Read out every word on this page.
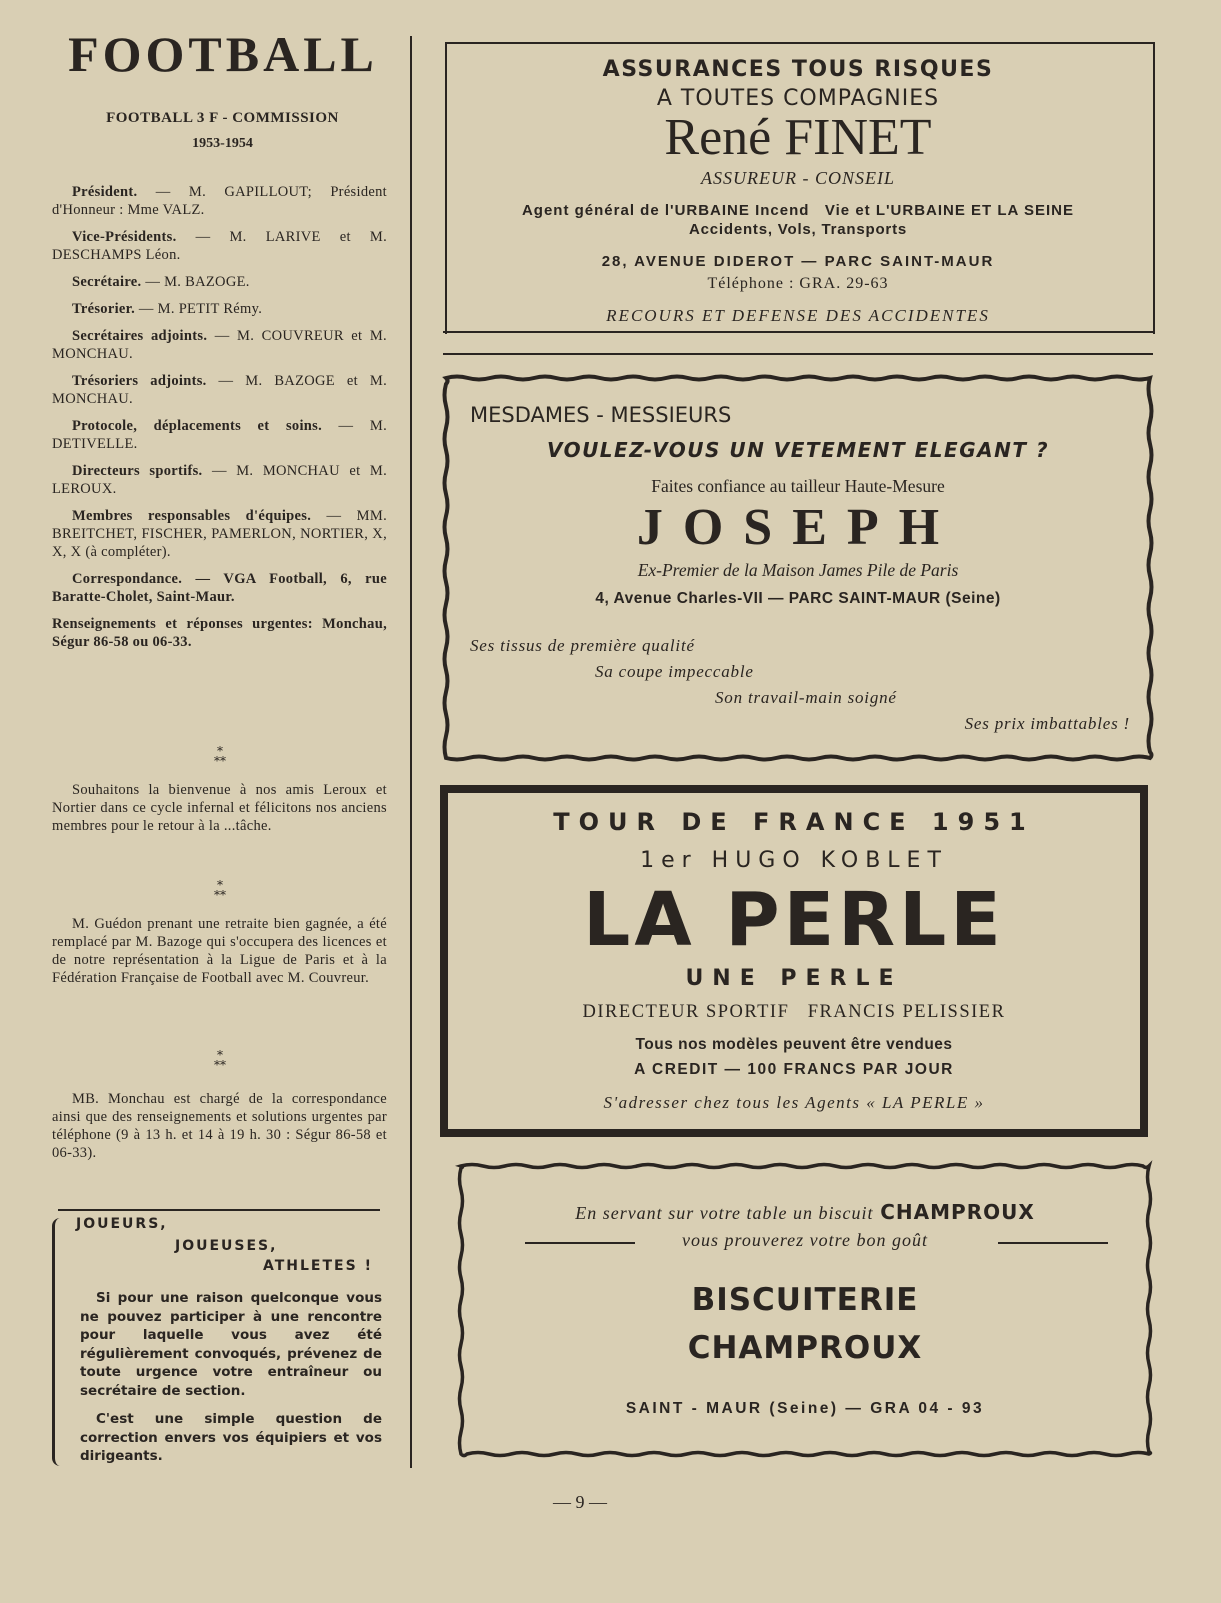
FOOTBALL
FOOTBALL 3 F - COMMISSION
1953-1954

Président. — M. GAPILLOUT; Président d'Honneur : Mme VALZ.

Vice-Présidents. — M. LARIVE et M. DESCHAMPS Léon.

Secrétaire. — M. BAZOGE.

Trésorier. — M. PETIT Rémy.

Secrétaires adjoints. — M. COUVREUR et M. MONCHAU.

Trésoriers adjoints. — M. BAZOGE et M. MONCHAU.

Protocole, déplacements et soins. — M. DETIVELLE.

Directeurs sportifs. — M. MONCHAU et M. LEROUX.

Membres responsables d'équipes. — MM. BREITCHET, FISCHER, PAMERLON, NORTIER, X, X, X (à compléter).

Correspondance. — VGA Football, 6, rue Baratte-Cholet, Saint-Maur.

Renseignements et réponses urgentes: Monchau, Ségur 86-58 ou 06-33.

*
**
Souhaitons la bienvenue à nos amis Leroux et Nortier dans ce cycle infernal et félicitons nos anciens membres pour le retour à la ...tâche.
*
**
M. Guédon prenant une retraite bien gagnée, a été remplacé par M. Bazoge qui s'occupera des licences et de notre représentation à la Ligue de Paris et à la Fédération Française de Football avec M. Couvreur.
*
**
MB. Monchau est chargé de la correspondance ainsi que des renseignements et solutions urgentes par téléphone (9 à 13 h. et 14 à 19 h. 30 : Ségur 86-58 et 06-33).
JOUEURS,
JOUEUSES,
ATHLETES !
Si pour une raison quelconque vous ne pouvez participer à une rencontre pour laquelle vous avez été régulièrement convoqués, prévenez de toute urgence votre entraîneur ou secrétaire de section.
C'est une simple question de correction envers vos équipiers et vos dirigeants.
ASSURANCES TOUS RISQUES
A TOUTES COMPAGNIES
René FINET
ASSUREUR - CONSEIL
Agent général de l'URBAINE Incend   Vie et L'URBAINE ET LA SEINE
Accidents, Vols, Transports
28, AVENUE DIDEROT — PARC SAINT-MAUR
Téléphone : GRA. 29-63
RECOURS ET DEFENSE DES ACCIDENTES
MESDAMES - MESSIEURS
VOULEZ-VOUS UN VETEMENT ELEGANT ?
Faites confiance au tailleur Haute-Mesure
JOSEPH
Ex-Premier de la Maison James Pile de Paris
4, Avenue Charles-VII — PARC SAINT-MAUR (Seine)
Ses tissus de première qualité
Sa coupe impeccable
Son travail-main soigné
Ses prix imbattables !
TOUR DE FRANCE 1951
1er HUGO KOBLET
LA PERLE
UNE PERLE
DIRECTEUR SPORTIF   FRANCIS PELISSIER
Tous nos modèles peuvent être vendues
A CREDIT — 100 FRANCS PAR JOUR
S'adresser chez tous les Agents « LA PERLE »
En servant sur votre table un biscuit CHAMPROUX
vous prouverez votre bon goût
BISCUITERIE
CHAMPROUX
SAINT - MAUR (Seine) — GRA 04 - 93
— 9 —
